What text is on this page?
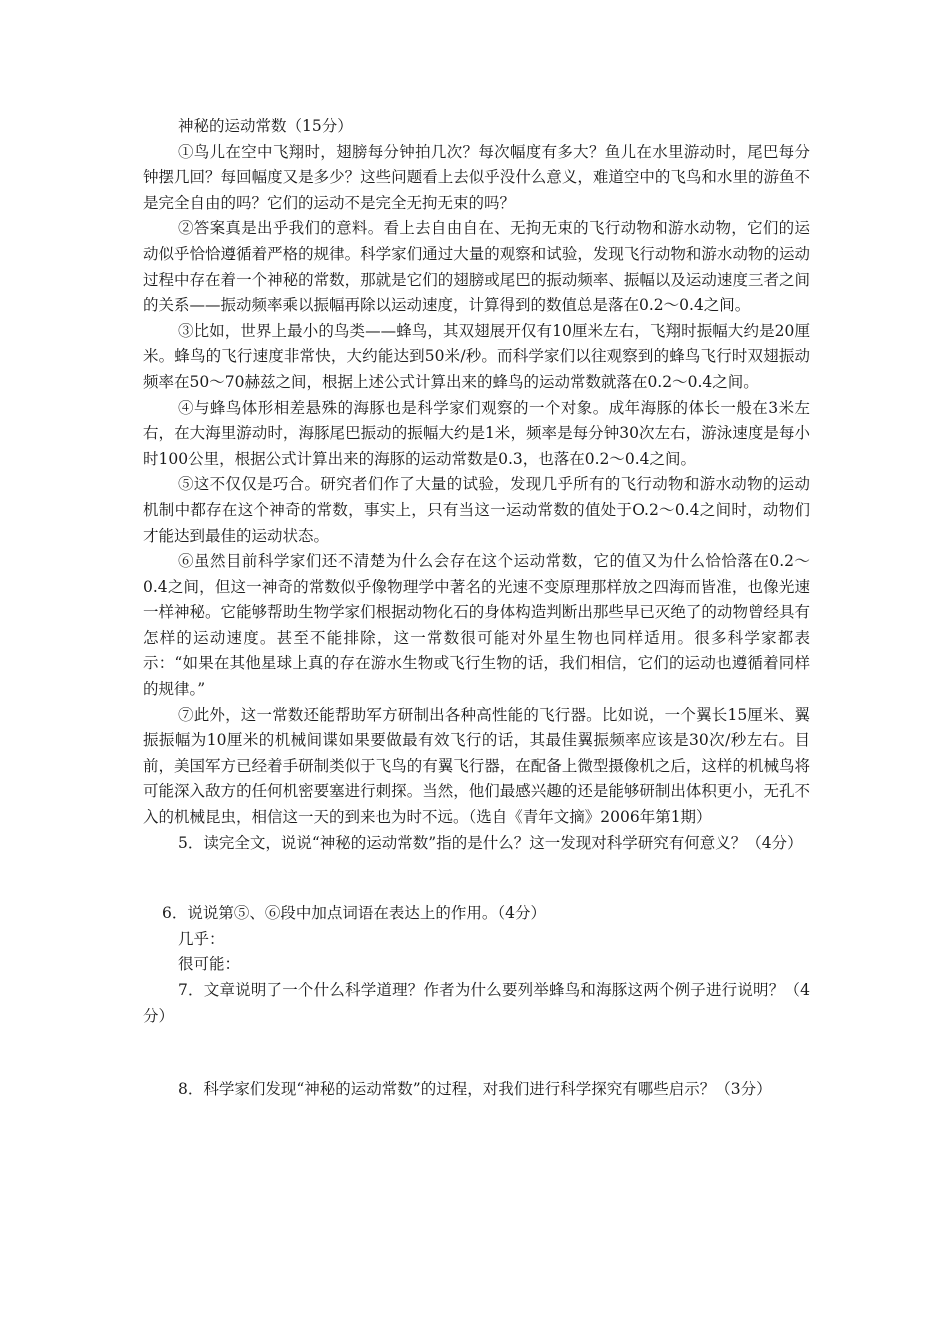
神秘的运动常数（15分）

①鸟儿在空中飞翔时，翅膀每分钟拍几次？每次幅度有多大？鱼儿在水里游动时，尾巴每分钟摆几回？每回幅度又是多少？这些问题看上去似乎没什么意义，难道空中的飞鸟和水里的游鱼不是完全自由的吗？它们的运动不是完全无拘无束的吗？

②答案真是出乎我们的意料。看上去自由自在、无拘无束的飞行动物和游水动物，它们的运动似乎恰恰遵循着严格的规律。科学家们通过大量的观察和试验，发现飞行动物和游水动物的运动过程中存在着一个神秘的常数，那就是它们的翅膀或尾巴的振动频率、振幅以及运动速度三者之间的关系——振动频率乘以振幅再除以运动速度，计算得到的数值总是落在0.2～0.4之间。

③比如，世界上最小的鸟类——蜂鸟，其双翅展开仅有10厘米左右，飞翔时振幅大约是20厘米。蜂鸟的飞行速度非常快，大约能达到50米/秒。而科学家们以往观察到的蜂鸟飞行时双翅振动频率在50～70赫兹之间，根据上述公式计算出来的蜂鸟的运动常数就落在0.2～0.4之间。

④与蜂鸟体形相差悬殊的海豚也是科学家们观察的一个对象。成年海豚的体长一般在3米左右，在大海里游动时，海豚尾巴振动的振幅大约是1米，频率是每分钟30次左右，游泳速度是每小时100公里，根据公式计算出来的海豚的运动常数是0.3，也落在0.2～0.4之间。

⑤这不仅仅是巧合。研究者们作了大量的试验，发现几乎所有的飞行动物和游水动物的运动机制中都存在这个神奇的常数，事实上，只有当这一运动常数的值处于O.2～0.4之间时，动物们才能达到最佳的运动状态。

⑥虽然目前科学家们还不清楚为什么会存在这个运动常数，它的值又为什么恰恰落在0.2～0.4之间，但这一神奇的常数似乎像物理学中著名的光速不变原理那样放之四海而皆准，也像光速一样神秘。它能够帮助生物学家们根据动物化石的身体构造判断出那些早已灭绝了的动物曾经具有怎样的运动速度。甚至不能排除，这一常数很可能对外星生物也同样适用。很多科学家都表示：“如果在其他星球上真的存在游水生物或飞行生物的话，我们相信，它们的运动也遵循着同样的规律。”

⑦此外，这一常数还能帮助军方研制出各种高性能的飞行器。比如说，一个翼长15厘米、翼振振幅为10厘米的机械间谍如果要做最有效飞行的话，其最佳翼振频率应该是30次/秒左右。目前，美国军方已经着手研制类似于飞鸟的有翼飞行器，在配备上微型摄像机之后，这样的机械鸟将可能深入敌方的任何机密要塞进行刺探。当然，他们最感兴趣的还是能够研制出体积更小，无孔不入的机械昆虫，相信这一天的到来也为时不远。（选自《青年文摘》2006年第1期）

5．读完全文，说说“神秘的运动常数”指的是什么？这一发现对科学研究有何意义？（4分）

6．说说第⑤、⑥段中加点词语在表达上的作用。（4分）

几乎：

很可能：

7．文章说明了一个什么科学道理？作者为什么要列举蜂鸟和海豚这两个例子进行说明？（4分）

8．科学家们发现“神秘的运动常数”的过程，对我们进行科学探究有哪些启示？（3分）
